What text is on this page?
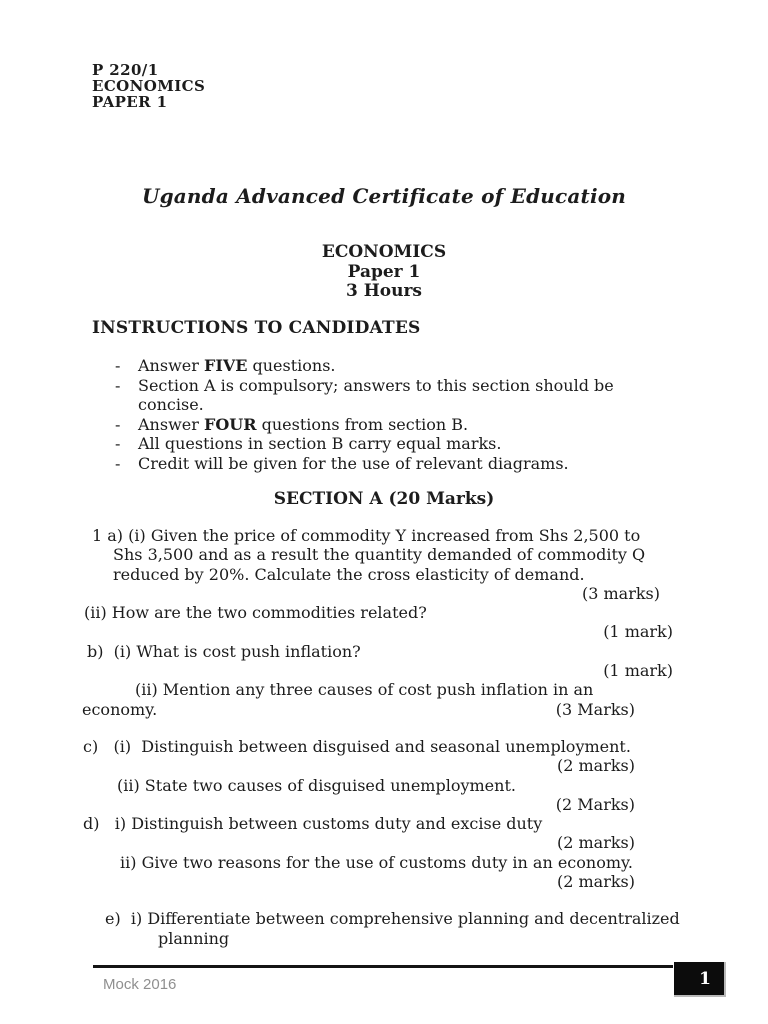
P 220/1
ECONOMICS
PAPER 1
Uganda Advanced Certificate of Education
ECONOMICS
Paper 1
3 Hours
INSTRUCTIONS TO CANDIDATES
-	Answer FIVE questions.
-	Section A is compulsory; answers to this section should be
concise.
-	Answer FOUR questions from section B.
-	All questions in section B carry equal marks.
-	Credit will be given for the use of relevant diagrams.
SECTION A (20 Marks)
1 a) (i) Given the price of commodity Y increased from Shs 2,500 to
Shs 3,500 and as a result the quantity demanded of commodity Q
reduced by 20%. Calculate the cross elasticity of demand.
(3 marks)
(ii) How are the two commodities related?
(1 mark)
b)  (i) What is cost push inflation?
(1 mark)
(ii) Mention any three causes of cost push inflation in an
economy.	(3 Marks)
c)   (i)  Distinguish between disguised and seasonal unemployment.
(2 marks)
(ii) State two causes of disguised unemployment.
(2 Marks)
d)   i) Distinguish between customs duty and excise duty
(2 marks)
ii) Give two reasons for the use of customs duty in an economy.
(2 marks)
e)  i) Differentiate between comprehensive planning and decentralized
planning
Mock 2016	1
